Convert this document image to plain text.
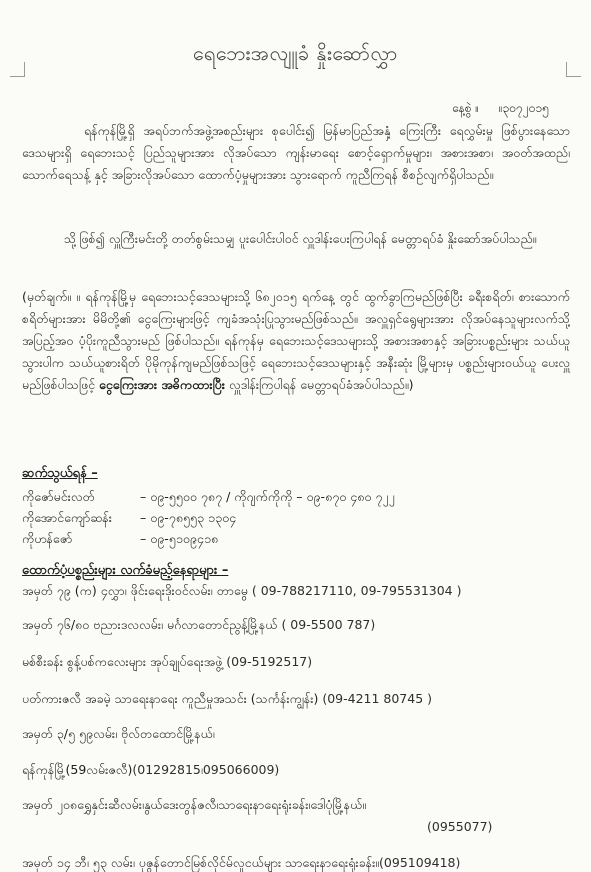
ရေဘေးအလျူခံ နှိုးဆော်လွှာ
နေ့စွဲ ။ ။၃၀၇၂၀၁၅

ရန်ကုန်မြို့ရှိ အရပ်ဘက်အဖွဲ့အစည်းများ စုပေါင်း၍ မြန်မာပြည်အနှံ့ ကြေးကြီး ရေလွှမ်းမှု ဖြစ်ပွားနေသော ဒေသများရှိ ရေဘေးသင့် ပြည်သူများအား လိုအပ်သော ကျန်းမာရေး စောင့်ရှောက်မှုများ၊ အစားအစာ၊ အဝတ်အထည်၊ သောက်ရေသန့် နှင့် အခြားလိုအပ်သော ထောက်ပံ့မှုများအား သွားရောက် ကူညီကြရန် စီစဉ်လျက်ရှိပါသည်။

သို့ဖြစ်၍ လှူကြီးမင်းတို့ တတ်စွမ်းသမျှ ပူးပေါင်းပါဝင် လှူဒါန်းပေးကြပါရန် မေတ္တာရပ်ခံ နှိုးဆော်အပ်ပါသည်။

(မှတ်ချက်။ ။ ရန်ကုန်မြို့မှ ရေဘေးသင့်ဒေသများသို့ ၆၈၂၀၁၅ ရက်နေ့ တွင် ထွက်ခွာကြမည်ဖြစ်ပြီး ခရီးစရိတ်၊ စားသောက်စရိတ်များအား မိမိတို့၏ ငွေကြေးများဖြင့် ကျခံအသုံးပြုသွားမည်ဖြစ်သည်။ အလှူရှင်ရွေများအား လိုအပ်နေသူများလက်သို့ အပြည့်အဝ ပံ့ပိုးကူညီသွားမည် ဖြစ်ပါသည်။ ရန်ကုန်မှ ရေဘေးသင့်ဒေသများသို့ အစားအစာနှင့် အခြားပစ္စည်းများ သယ်ယူသွားပါက သယ်ယူစားရိတ် ပိုမိုကုန်ကျမည်ဖြစ်သဖြင့် ရေဘေးသင့်ဒေသများနှင့် အနီးဆုံး မြို့များမှ ပစ္စည်းများဝယ်ယူ ပေးလှူမည်ဖြစ်ပါသဖြင့် ငွေကြေးအား အဓိကထားပြီး လှူဒါန်းကြပါရန် မေတ္တာရပ်ခံအပ်ပါသည်။)

ဆက်သွယ်ရန် –
ကိုဇော်မင်းလတ်	– ၀၉-၅၅၀၀ ၇၈၇ / ကိုဂျက်ကိုကို – ၀၉-၈၇၀ ၄၈၀ ၇၂၂
ကိုအောင်ကျော်ဆန်း – ၀၉-၇၈၅၅၃ ၁၃၀၄
ကိုဟန်ဇော်	– ၀၉-၅၁၀၉၄၁၈
ထောက်ပံ့ပစ္စည်းများ လက်ခံမည့်နေရာများ –
အမှတ် ၇၉ (က) ၄လွှာ၊ ဖိုင်းရေးဒိုးဝင်လမ်း၊ တာမွေ ( 09-788217110, 09-795531304 )
အမှတ် ၇၆/၈၀ ဗညားဒလလမ်း၊ မင်္ဂလာတောင်ညွန့်မြို့နယ် ( 09-5500 787)
မစ်စီးခန်း စွန့်ပစ်ကလေးများ အုပ်ချုပ်ရေးအဖွဲ့ (09-5192517)
ပတ်ကားဇလီ အခမဲ့ သာရေးနာရေး ကူညီမှုအသင်း (သင်္ကန်းကျွန်း) (09-4211 80745 )
အမှတ် ၃/၅ ၅၉လမ်း၊ ဗိုလ်တထောင်မြို့နယ်၊
ရန်ကုန်မြို့(59လမ်းဇလီ)(01292815၊095066009)
အမှတ် ၂၀၈ရွှေနှင်းဆီလမ်း၊နွယ်ဒေးတွန်ဇလီ၊သာရေးနာရေးရုံးခန်း၊ဒေါပုံမြို့နယ်။
(0955077)
အမှတ် ၁၄ ဘီ၊ ၅၃ လမ်း၊ ပုဇွန်တောင်မြစ်လိုင်မ်လူငယ်များ သာရေးနာရေးရုံးခန်း။(095109418)
